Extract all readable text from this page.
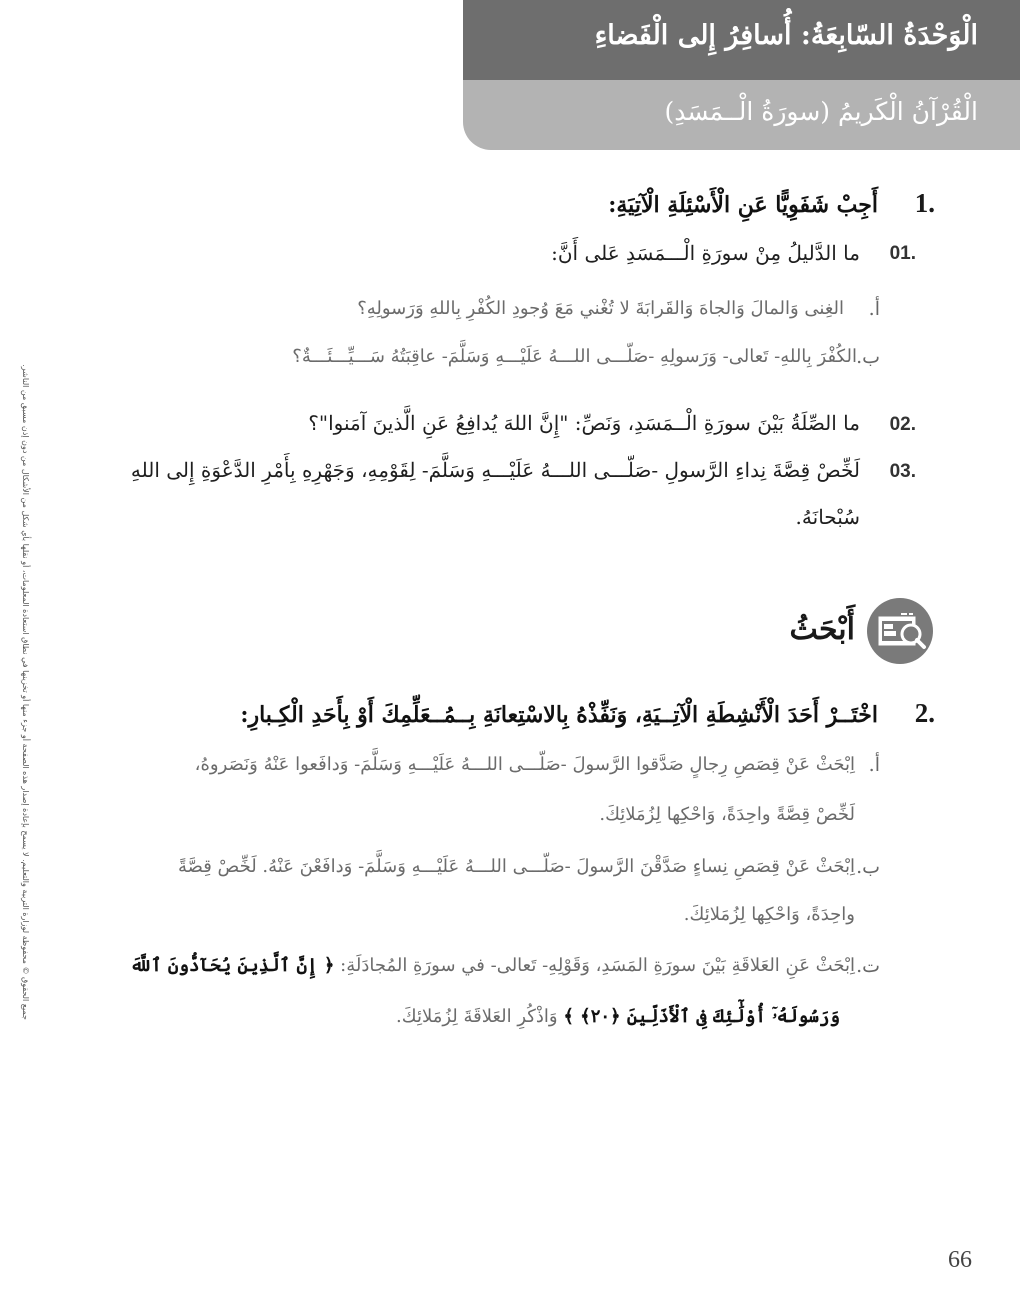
الْوَحْدَةُ السّابِعَةُ: أُسافِرُ إِلى الْفَضاءِ
الْقُرْآنُ الْكَريمُ (سورَةُ الْــمَسَدِ)
جميع الحقوق © محفوظة لوزارة التربية والتعليم. لا يسمح بإعادة إصدار هذه الصفحة أو جزء منها أو تخزينها في نطاق استعادة المعلومات، أو نقلها بأي شكل من الأشكال من دون إذن مسبق من الناشر.
1.
أَجِبْ شَفَوِيًّا عَنِ الْأَسْئِلَةِ الْآتِيَةِ:
01.
ما الدَّليلُ مِنْ سورَةِ الْـــمَسَدِ عَلى أَنَّ:
أ.
الغِنى وَالمالَ وَالجاهَ وَالقَرابَةَ لا تُغْني مَعَ وُجودِ الكُفْرِ بِاللهِ وَرَسولِهِ؟
ب.
الكُفْرَ بِاللهِ- تَعالى- وَرَسولِهِ -صَلّـــى اللـــهُ عَلَيْـــهِ وَسَلَّمَ- عاقِبَتُهُ سَـــيِّـــئَـــةٌ؟
02.
ما الصِّلَةُ بَيْنَ سورَةِ الْــمَسَدِ، وَنَصِّ: "إِنَّ اللهَ يُدافِعُ عَنِ الَّذينَ آمَنوا"؟
03.
لَخِّصْ قِصَّةَ نِداءِ الرَّسولِ -صَلّـــى اللـــهُ عَلَيْـــهِ وَسَلَّمَ- لِقَوْمِهِ، وَجَهْرِهِ بِأَمْرِ الدَّعْوَةِ إِلى اللهِ
سُبْحانَهُ.
أَبْحَثُ
2.
اخْتَــرْ أَحَدَ الْأَنْشِطَةِ الْآتِــيَةِ، وَنَفِّذْهُ بِالاسْتِعانَةِ بِــمُــعَلِّمِكَ أَوْ بِأَحَدِ الْكِـبارِ:
أ.
اِبْحَثْ عَنْ قِصَصِ رِجالٍ صَدَّقوا الرَّسولَ -صَلّـــى اللـــهُ عَلَيْـــهِ وَسَلَّمَ- وَدافَعوا عَنْهُ وَنَصَروهُ،
لَخِّصْ قِصَّةً واحِدَةً، وَاحْكِها لِزُمَلائِكَ.
ب.
اِبْحَثْ عَنْ قِصَصِ نِساءٍ صَدَّقْنَ الرَّسولَ -صَلّـــى اللـــهُ عَلَيْـــهِ وَسَلَّمَ- وَدافَعْنَ عَنْهُ. لَخِّصْ قِصَّةً
واحِدَةً، وَاحْكِها لِزُمَلائِكَ.
ت.
اِبْحَثْ عَنِ العَلاقَةِ بَيْنَ سورَةِ المَسَدِ، وَقَوْلِهِ- تَعالى- في سورَةِ المُجادَلَةِ: ﴿ إِنَّ ٱلَّذِينَ يُحَآدُّونَ ٱللَّهَ
وَرَسُولَهُۥٓ أُوْلَٰٓئِكَ فِى ٱلْأَذَلِّينَ ﴿٢٠﴾ ﴾ وَاذْكُرِ العَلاقَةَ لِزُمَلائِكَ.
66
